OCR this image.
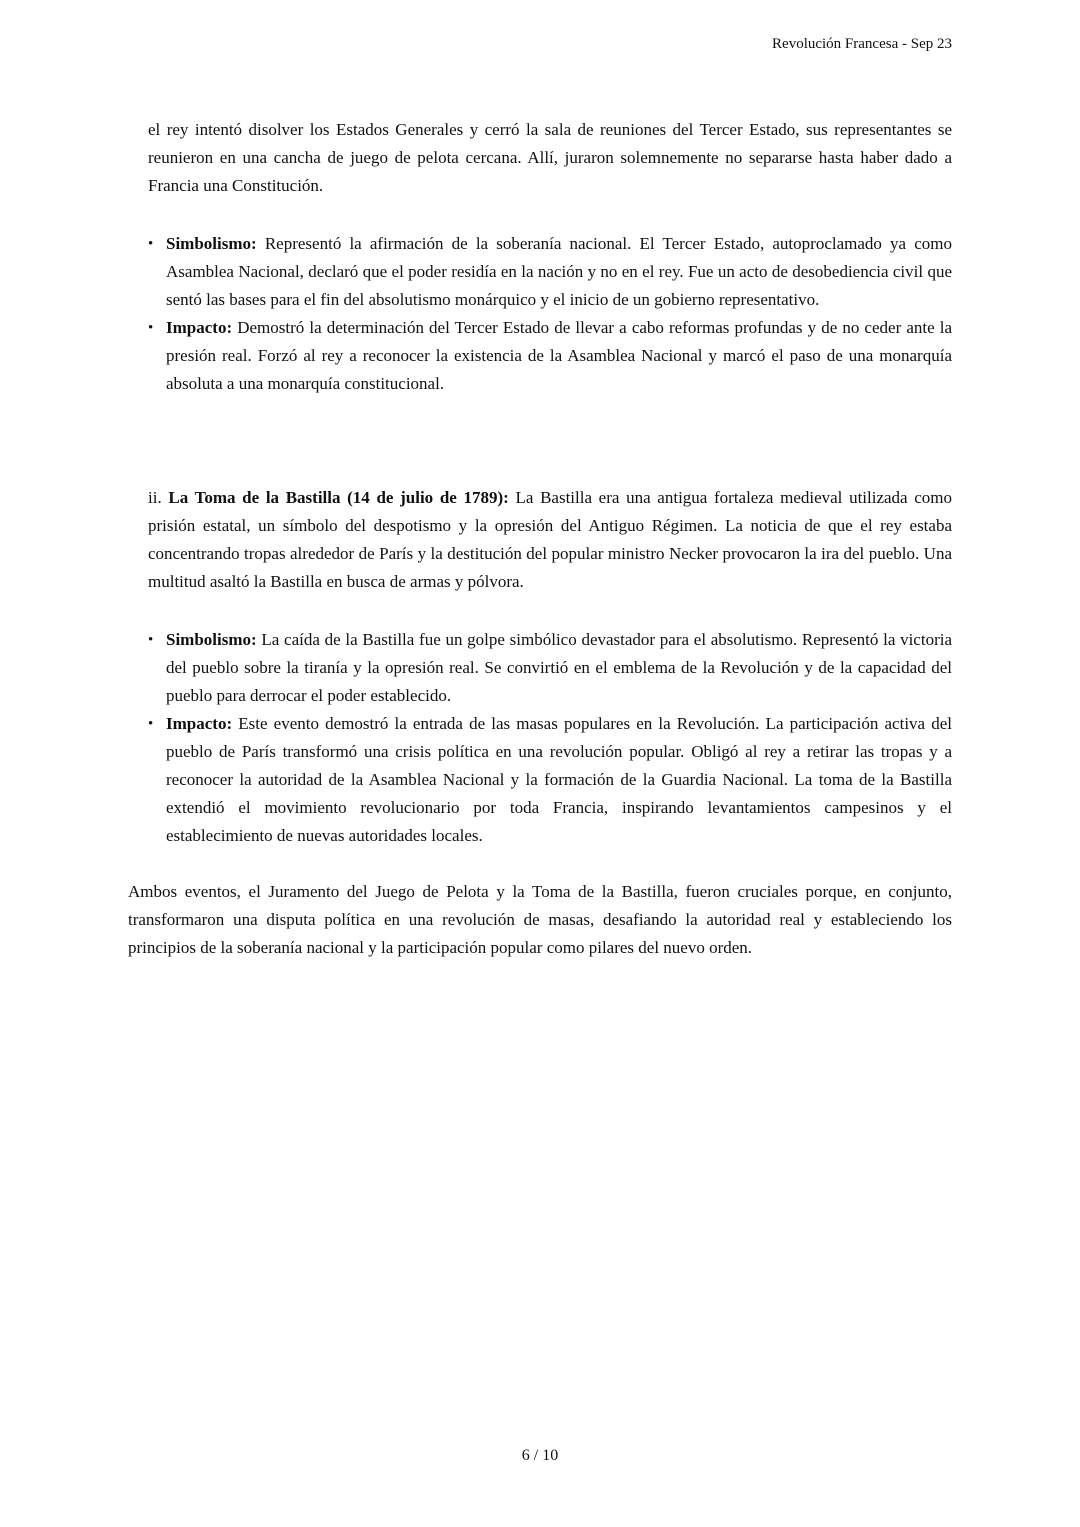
Revolución Francesa - Sep 23

el rey intentó disolver los Estados Generales y cerró la sala de reuniones del Tercer Estado, sus representantes se reunieron en una cancha de juego de pelota cercana. Allí, juraron solemnemente no separarse hasta haber dado a Francia una Constitución.

• Simbolismo: Representó la afirmación de la soberanía nacional. El Tercer Estado, autoproclamado ya como Asamblea Nacional, declaró que el poder residía en la nación y no en el rey. Fue un acto de desobediencia civil que sentó las bases para el fin del absolutismo monárquico y el inicio de un gobierno representativo.
• Impacto: Demostró la determinación del Tercer Estado de llevar a cabo reformas profundas y de no ceder ante la presión real. Forzó al rey a reconocer la existencia de la Asamblea Nacional y marcó el paso de una monarquía absoluta a una monarquía constitucional.

ii. La Toma de la Bastilla (14 de julio de 1789): La Bastilla era una antigua fortaleza medieval utilizada como prisión estatal, un símbolo del despotismo y la opresión del Antiguo Régimen. La noticia de que el rey estaba concentrando tropas alrededor de París y la destitución del popular ministro Necker provocaron la ira del pueblo. Una multitud asaltó la Bastilla en busca de armas y pólvora.

• Simbolismo: La caída de la Bastilla fue un golpe simbólico devastador para el absolutismo. Representó la victoria del pueblo sobre la tiranía y la opresión real. Se convirtió en el emblema de la Revolución y de la capacidad del pueblo para derrocar el poder establecido.
• Impacto: Este evento demostró la entrada de las masas populares en la Revolución. La participación activa del pueblo de París transformó una crisis política en una revolución popular. Obligó al rey a retirar las tropas y a reconocer la autoridad de la Asamblea Nacional y la formación de la Guardia Nacional. La toma de la Bastilla extendió el movimiento revolucionario por toda Francia, inspirando levantamientos campesinos y el establecimiento de nuevas autoridades locales.

Ambos eventos, el Juramento del Juego de Pelota y la Toma de la Bastilla, fueron cruciales porque, en conjunto, transformaron una disputa política en una revolución de masas, desafiando la autoridad real y estableciendo los principios de la soberanía nacional y la participación popular como pilares del nuevo orden.

6 / 10
